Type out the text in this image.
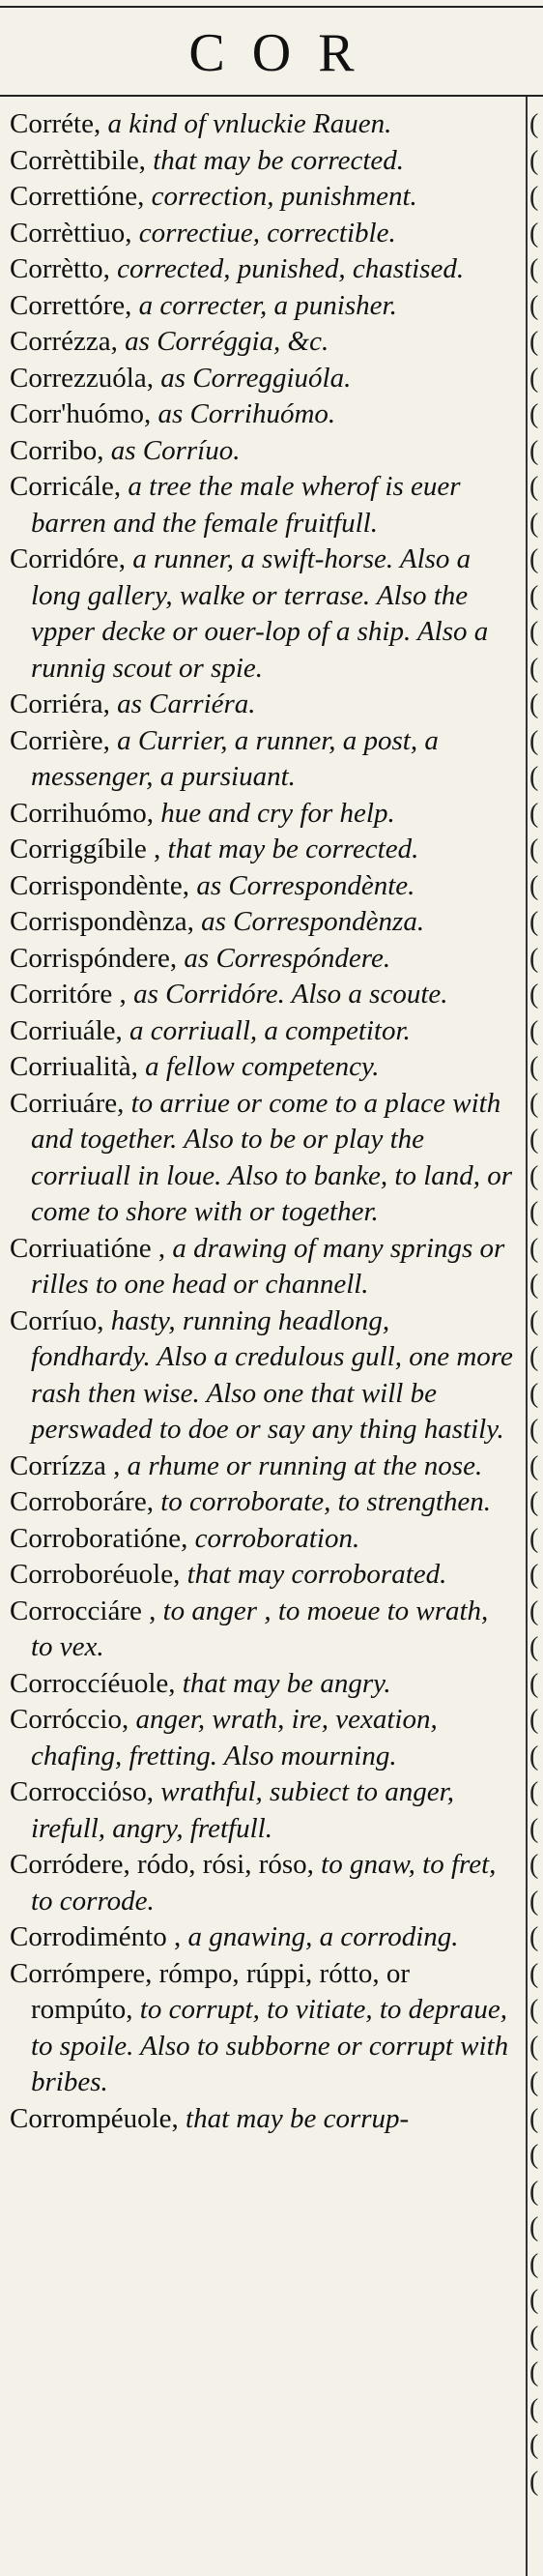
COR

Corréte, a kind of vnluckie Rauen.

Corrèttibile, that may be corrected.

Correttióne, correction, punishment.

Corrèttiuo, correctiue, correctible.

Corrètto, corrected, punished, chastised.

Correttóre, a correcter, a punisher.

Corrézza, as Corréggia, &c.

Correzzuóla, as Correggiuóla.

Corr'huómo, as Corrihuómo.

Corribo, as Corríuo.

Corricále, a tree the male wherof is euer barren and the female fruitfull.

Corridóre, a runner, a swift-horse. Also a long gallery, walke or terrase. Also the vpper decke or ouer-lop of a ship. Also a runnig scout or spie.

Corriéra, as Carriéra.

Corrière, a Currier, a runner, a post, a messenger, a pursiuant.

Corrihuómo, hue and cry for help.

Corriggíbile , that may be corrected.

Corrispondènte, as Correspondènte.

Corrispondènza, as Correspondènza.

Corrispóndere, as Correspóndere.

Corritóre , as Corridóre. Also a scoute.

Corriuále, a corriuall, a competitor.

Corriualità, a fellow competency.

Corriuáre, to arriue or come to a place with and together. Also to be or play the corriuall in loue. Also to banke, to land, or come to shore with or together.

Corriuatióne , a drawing of many springs or rilles to one head or channell.

Corríuo, hasty, running headlong, fondhardy. Also a credulous gull, one more rash then wise. Also one that will be perswaded to doe or say any thing hastily.

Corrízza , a rhume or running at the nose.

Corroboráre, to corroborate, to strengthen.

Corroboratióne, corroboration.

Corroboréuole, that may corroborated.

Corrocciáre , to anger , to moeue to wrath, to vex.

Corroccíéuole, that may be angry.

Corróccio, anger, wrath, ire, vexation, chafing, fretting. Also mourning.

Corrocciόso, wrathful, subiect to anger, irefull, angry, fretfull.

Corródere, ródo, rósi, róso, to gnaw, to fret, to corrode.

Corrodiménto , a gnawing, a corroding.

Corrómpere, rómpo, rúppi, rótto, or rompúto, to corrupt, to vitiate, to depraue, to spoile. Also to subborne or corrupt with bribes.

Corrompéuole, that may be corrup-

(
(
(
(
(
(
(
(
(
(
(
(
(
(
(
(
(
(
(
(
(
(
(
(
(
(
(
(
(
(
(
(
(
(
(
(
(
(
(
(
(
(
(
(
(
(
(
(
(
(
(
(
(
(
(
(
(
(
(
(
(
(
(
(
(
(
